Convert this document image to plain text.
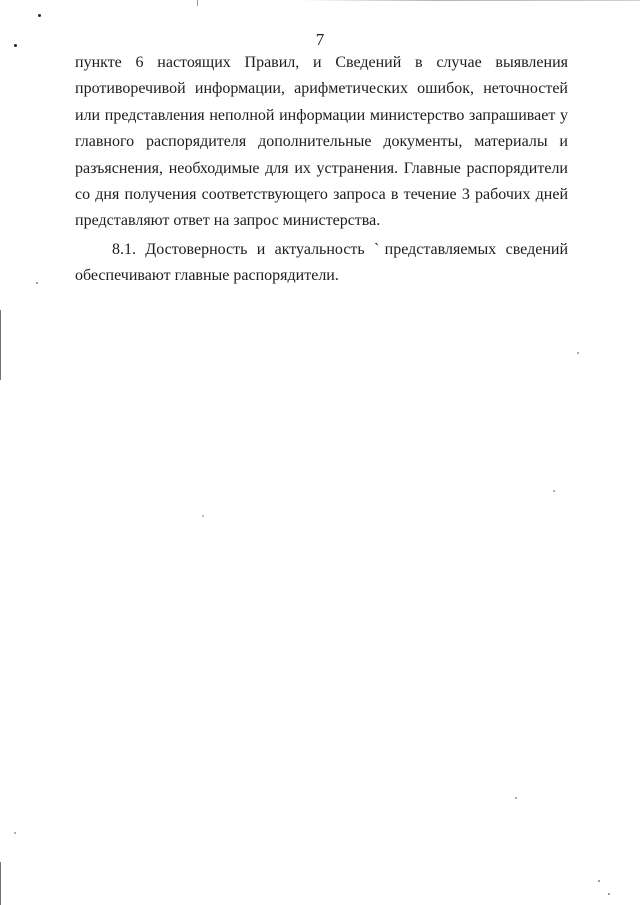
7

пункте 6 настоящих Правил, и Сведений в случае выявления противоречивой информации, арифметических ошибок, неточностей или представления неполной информации министерство запрашивает у главного распорядителя дополнительные документы, материалы и разъяснения, необходимые для их устранения. Главные распорядители со дня получения соответствующего запроса в течение 3 рабочих дней представляют ответ на запрос министерства.

8.1. Достоверность и актуальность ˋпредставляемых сведений обеспечивают главные распорядители.
